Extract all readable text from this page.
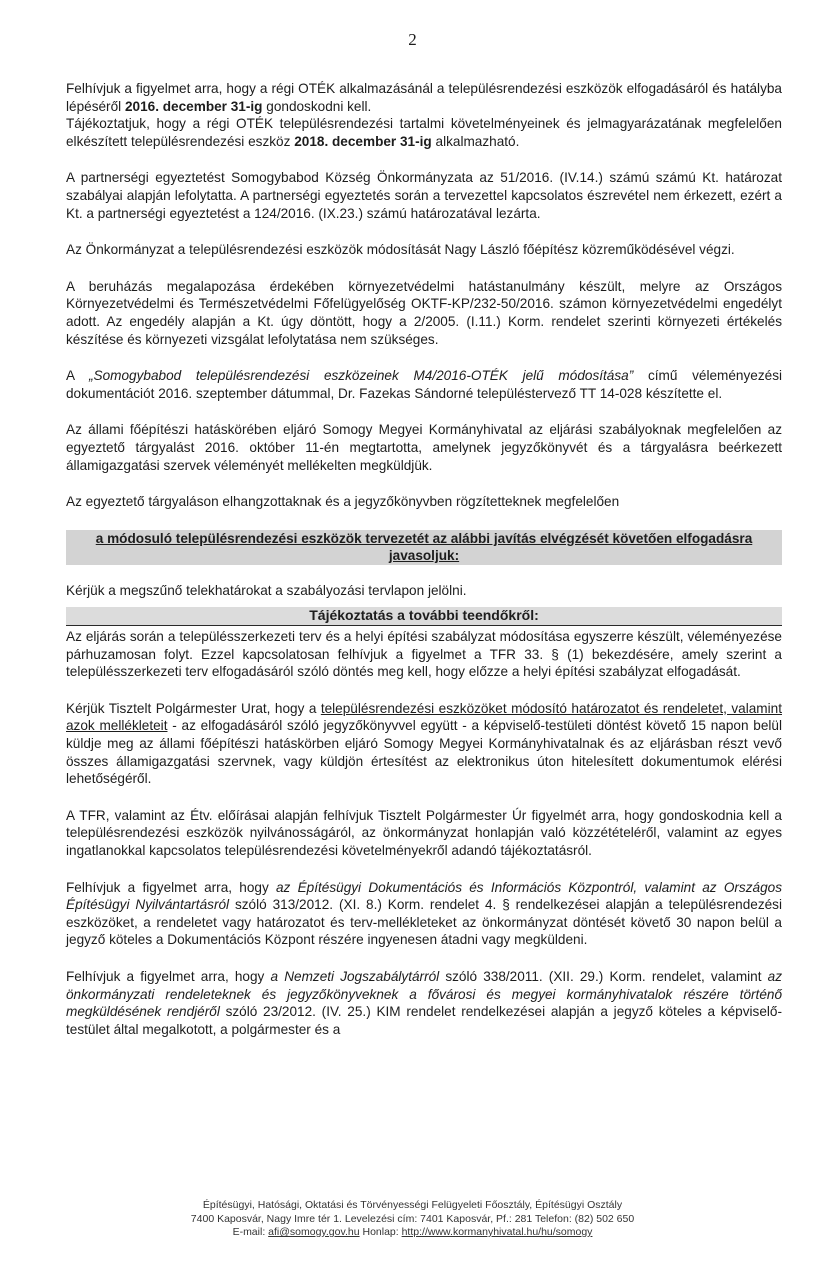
2

Felhívjuk a figyelmet arra, hogy a régi OTÉK alkalmazásánál a településrendezési eszközök elfogadásáról és hatályba lépéséről 2016. december 31-ig gondoskodni kell.

Tájékoztatjuk, hogy a régi OTÉK településrendezési tartalmi követelményeinek és jelmagyarázatának megfelelően elkészített településrendezési eszköz 2018. december 31-ig alkalmazható.

A partnerségi egyeztetést Somogybabod Község Önkormányzata az 51/2016. (IV.14.) számú számú Kt. határozat szabályai alapján lefolytatta. A partnerségi egyeztetés során a tervezettel kapcsolatos észrevétel nem érkezett, ezért a Kt. a partnerségi egyeztetést a 124/2016. (IX.23.) számú határozatával lezárta.

Az Önkormányzat a településrendezési eszközök módosítását Nagy László főépítész közreműködésével végzi.

A beruházás megalapozása érdekében környezetvédelmi hatástanulmány készült, melyre az Országos Környezetvédelmi és Természetvédelmi Főfelügyelőség OKTF-KP/232-50/2016. számon környezetvédelmi engedélyt adott. Az engedély alapján a Kt. úgy döntött, hogy a 2/2005. (I.11.) Korm. rendelet szerinti környezeti értékelés készítése és környezeti vizsgálat lefolytatása nem szükséges.

A „Somogybabod településrendezési eszközeinek M4/2016-OTÉK jelű módosítása” című véleményezési dokumentációt 2016. szeptember dátummal, Dr. Fazekas Sándorné településtervező TT 14-028 készítette el.

Az állami főépítészi hatáskörében eljáró Somogy Megyei Kormányhivatal az eljárási szabályoknak megfelelően az egyeztető tárgyalást 2016. október 11-én megtartotta, amelynek jegyzőkönyvét és a tárgyalásra beérkezett államigazgatási szervek véleményét mellékelten megküldjük.

Az egyeztető tárgyaláson elhangzottaknak és a jegyzőkönyvben rögzítetteknek megfelelően

a módosuló településrendezési eszközök tervezetét az alábbi javítás elvégzését követően elfogadásra javasoljuk:

Kérjük a megszűnő telekhatárokat a szabályozási tervlapon jelölni.

Tájékoztatás a további teendőkről:

Az eljárás során a településszerkezeti terv és a helyi építési szabályzat módosítása egyszerre készült, véleményezése párhuzamosan folyt. Ezzel kapcsolatosan felhívjuk a figyelmet a TFR 33. § (1) bekezdésére, amely szerint a településszerkezeti terv elfogadásáról szóló döntés meg kell, hogy előzze a helyi építési szabályzat elfogadását.

Kérjük Tisztelt Polgármester Urat, hogy a településrendezési eszközöket módosító határozatot és rendeletet, valamint azok mellékleteit - az elfogadásáról szóló jegyzőkönyvvel együtt - a képviselő-testületi döntést követő 15 napon belül küldje meg az állami főépítészi hatáskörben eljáró Somogy Megyei Kormányhivatalnak és az eljárásban részt vevő összes államigazgatási szervnek, vagy küldjön értesítést az elektronikus úton hitelesített dokumentumok elérési lehetőségéről.

A TFR, valamint az Étv. előírásai alapján felhívjuk Tisztelt Polgármester Úr figyelmét arra, hogy gondoskodnia kell a településrendezési eszközök nyilvánosságáról, az önkormányzat honlapján való közzétételéről, valamint az egyes ingatlanokkal kapcsolatos településrendezési követelményekről adandó tájékoztatásról.

Felhívjuk a figyelmet arra, hogy az Építésügyi Dokumentációs és Információs Központról, valamint az Országos Építésügyi Nyilvántartásról szóló 313/2012. (XI. 8.) Korm. rendelet 4. § rendelkezései alapján a településrendezési eszközöket, a rendeletet vagy határozatot és terv-mellékleteket az önkormányzat döntését követő 30 napon belül a jegyző köteles a Dokumentációs Központ részére ingyenesen átadni vagy megküldeni.

Felhívjuk a figyelmet arra, hogy a Nemzeti Jogszabálytárról szóló 338/2011. (XII. 29.) Korm. rendelet, valamint az önkormányzati rendeleteknek és jegyzőkönyveknek a fővárosi és megyei kormányhivatalok részére történő megküldésének rendjéről szóló 23/2012. (IV. 25.) KIM rendelet rendelkezései alapján a jegyző köteles a képviselő-testület által megalkotott, a polgármester és a

Építésügyi, Hatósági, Oktatási és Törvényességi Felügyeleti Főosztály, Építésügyi Osztály
7400 Kaposvár, Nagy Imre tér 1. Levelezési cím: 7401 Kaposvár, Pf.: 281 Telefon: (82) 502 650
E-mail: afi@somogy.gov.hu Honlap: http://www.kormanyhivatal.hu/hu/somogy
